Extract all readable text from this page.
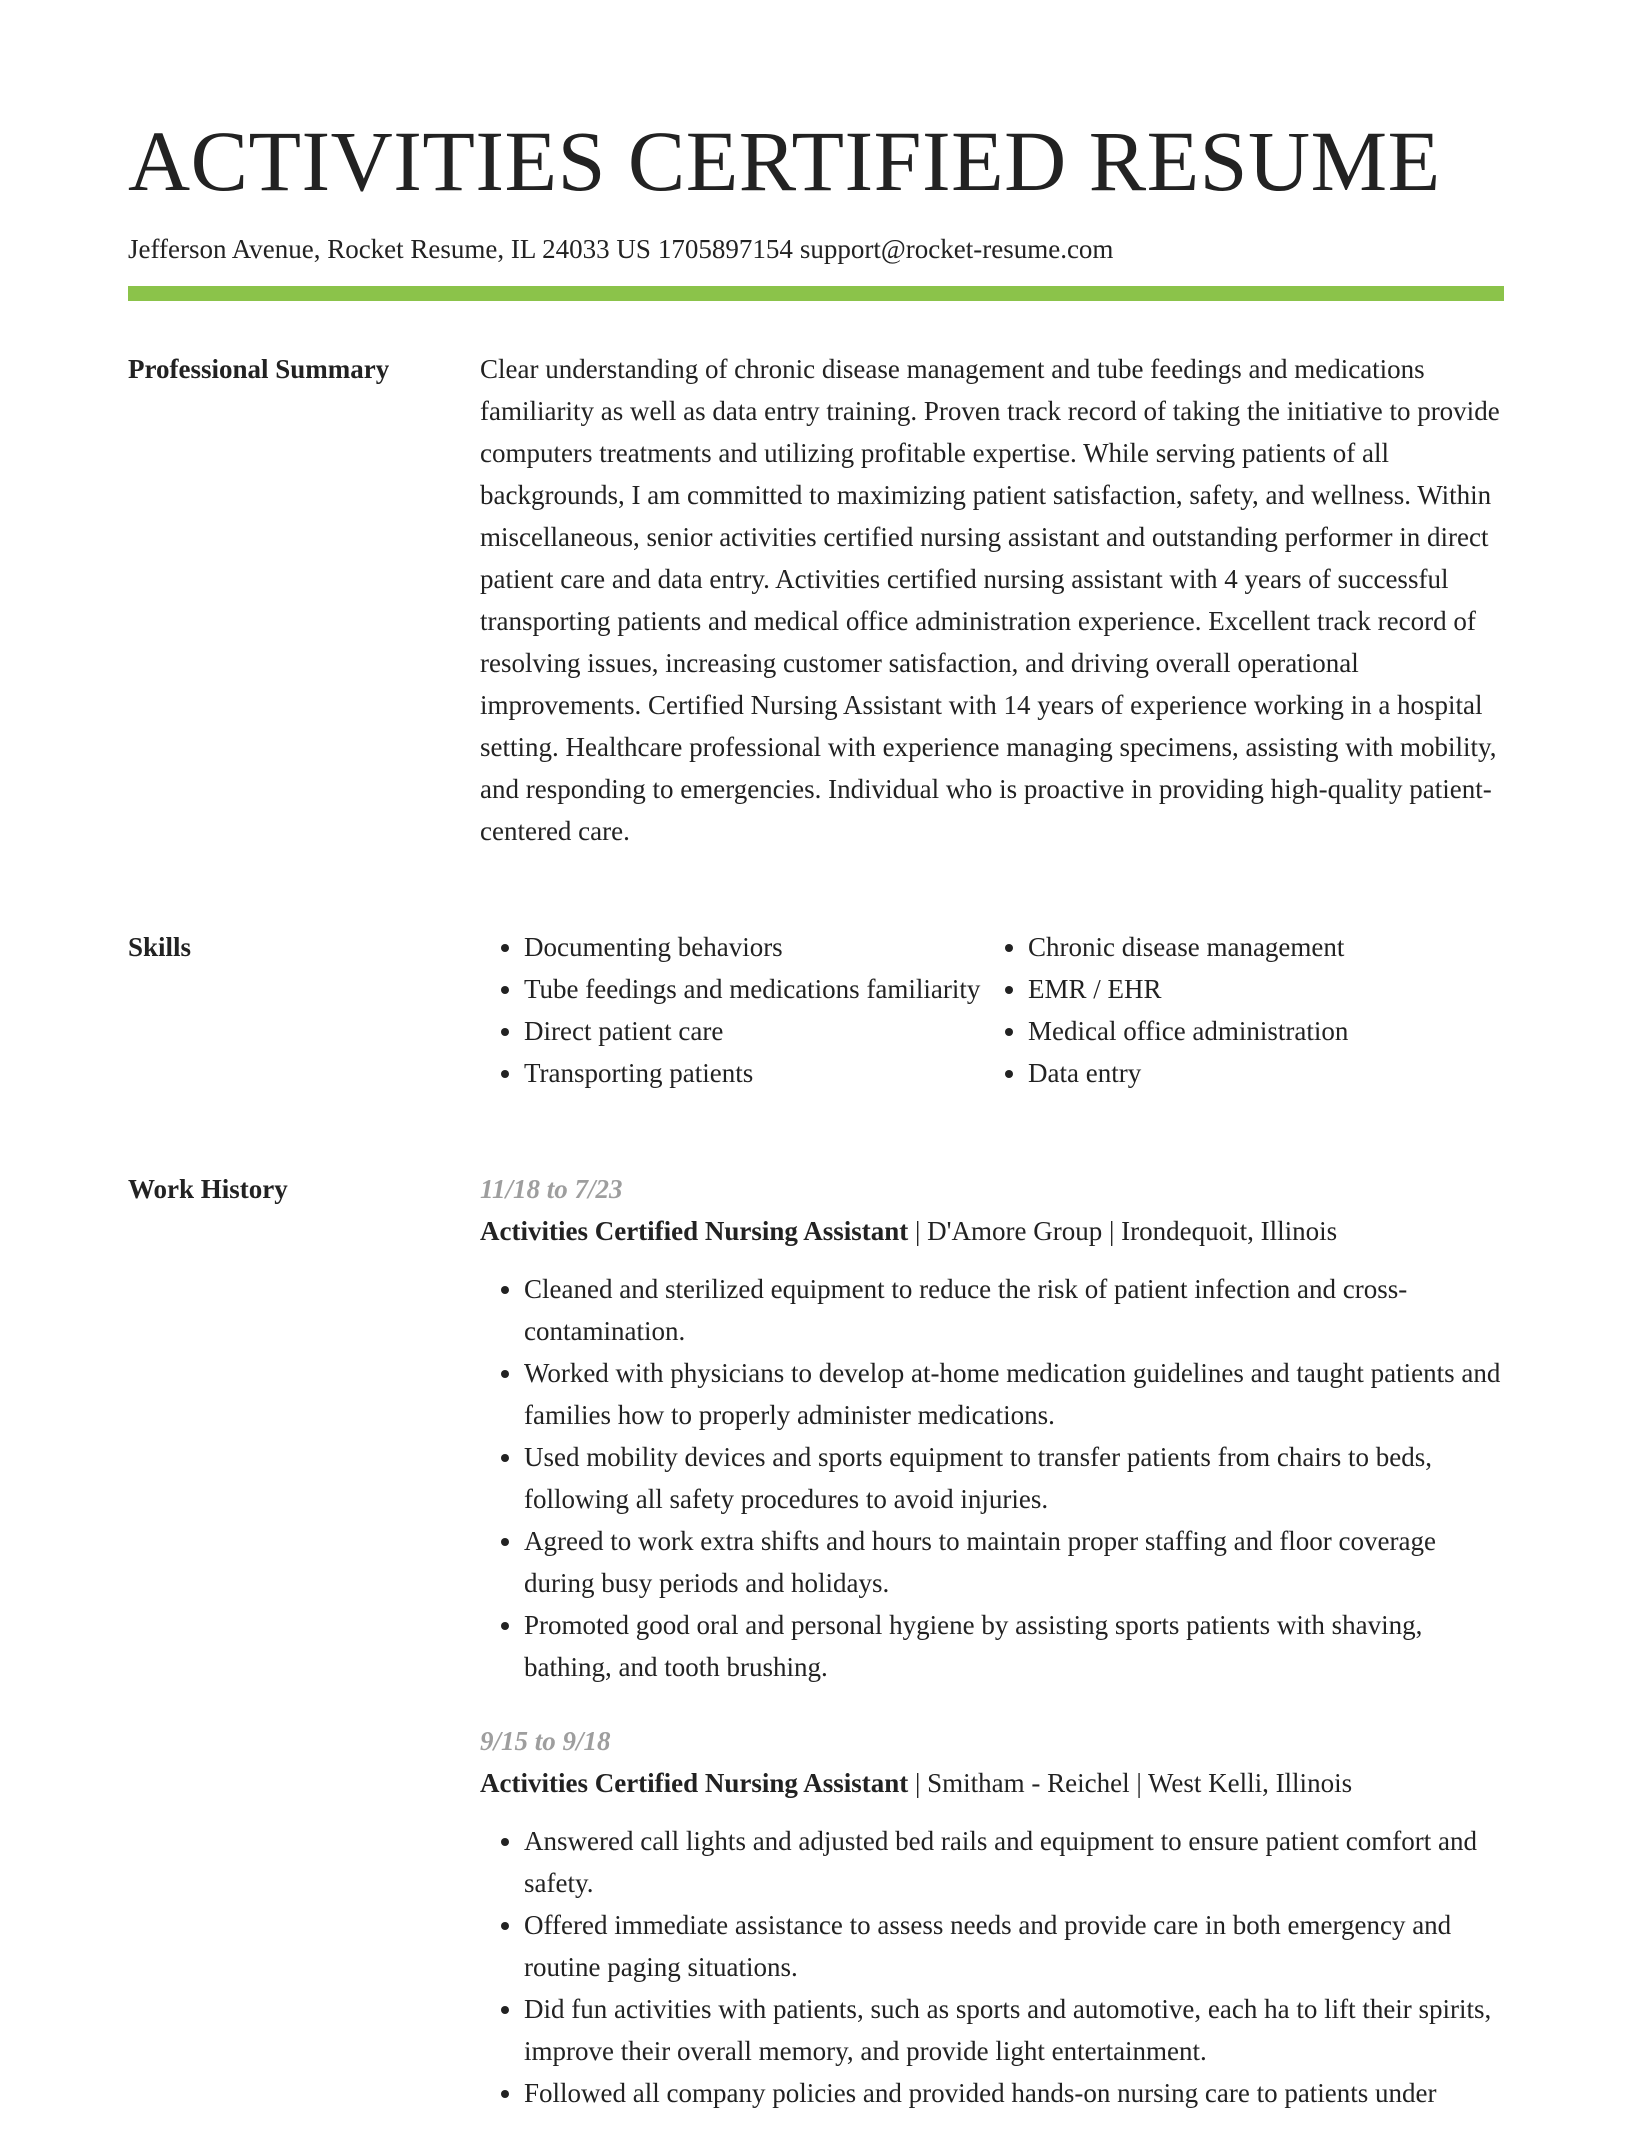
ACTIVITIES CERTIFIED RESUME
Jefferson Avenue, Rocket Resume, IL 24033 US 1705897154 support@rocket-resume.com
Professional Summary	Clear understanding of chronic disease management and tube feedings and medications familiarity as well as data entry training. Proven track record of taking the initiative to provide computers treatments and utilizing profitable expertise. While serving patients of all backgrounds, I am committed to maximizing patient satisfaction, safety, and wellness. Within miscellaneous, senior activities certified nursing assistant and outstanding performer in direct patient care and data entry. Activities certified nursing assistant with 4 years of successful transporting patients and medical office administration experience. Excellent track record of resolving issues, increasing customer satisfaction, and driving overall operational improvements. Certified Nursing Assistant with 14 years of experience working in a hospital setting. Healthcare professional with experience managing specimens, assisting with mobility, and responding to emergencies. Individual who is proactive in providing high-quality patient-centered care.

Skills
•	Documenting behaviors
• Tube feedings and medications familiarity
• Direct patient care
• Transporting patients
• Chronic disease management
• EMR / EHR
• Medical office administration
• Data entry
Work History	11/18 to 7/23
Activities Certified Nursing Assistant | D'Amore Group | Irondequoit, Illinois
• Cleaned and sterilized equipment to reduce the risk of patient infection and cross-contamination.
• Worked with physicians to develop at-home medication guidelines and taught patients and families how to properly administer medications.
• Used mobility devices and sports equipment to transfer patients from chairs to beds, following all safety procedures to avoid injuries.
• Agreed to work extra shifts and hours to maintain proper staffing and floor coverage during busy periods and holidays.
• Promoted good oral and personal hygiene by assisting sports patients with shaving, bathing, and tooth brushing.
9/15 to 9/18
Activities Certified Nursing Assistant | Smitham - Reichel | West Kelli, Illinois
• Answered call lights and adjusted bed rails and equipment to ensure patient comfort and safety.
• Offered immediate assistance to assess needs and provide care in both emergency and routine paging situations.
• Did fun activities with patients, such as sports and automotive, each ha to lift their spirits, improve their overall memory, and provide light entertainment.
• Followed all company policies and provided hands-on nursing care to patients under
